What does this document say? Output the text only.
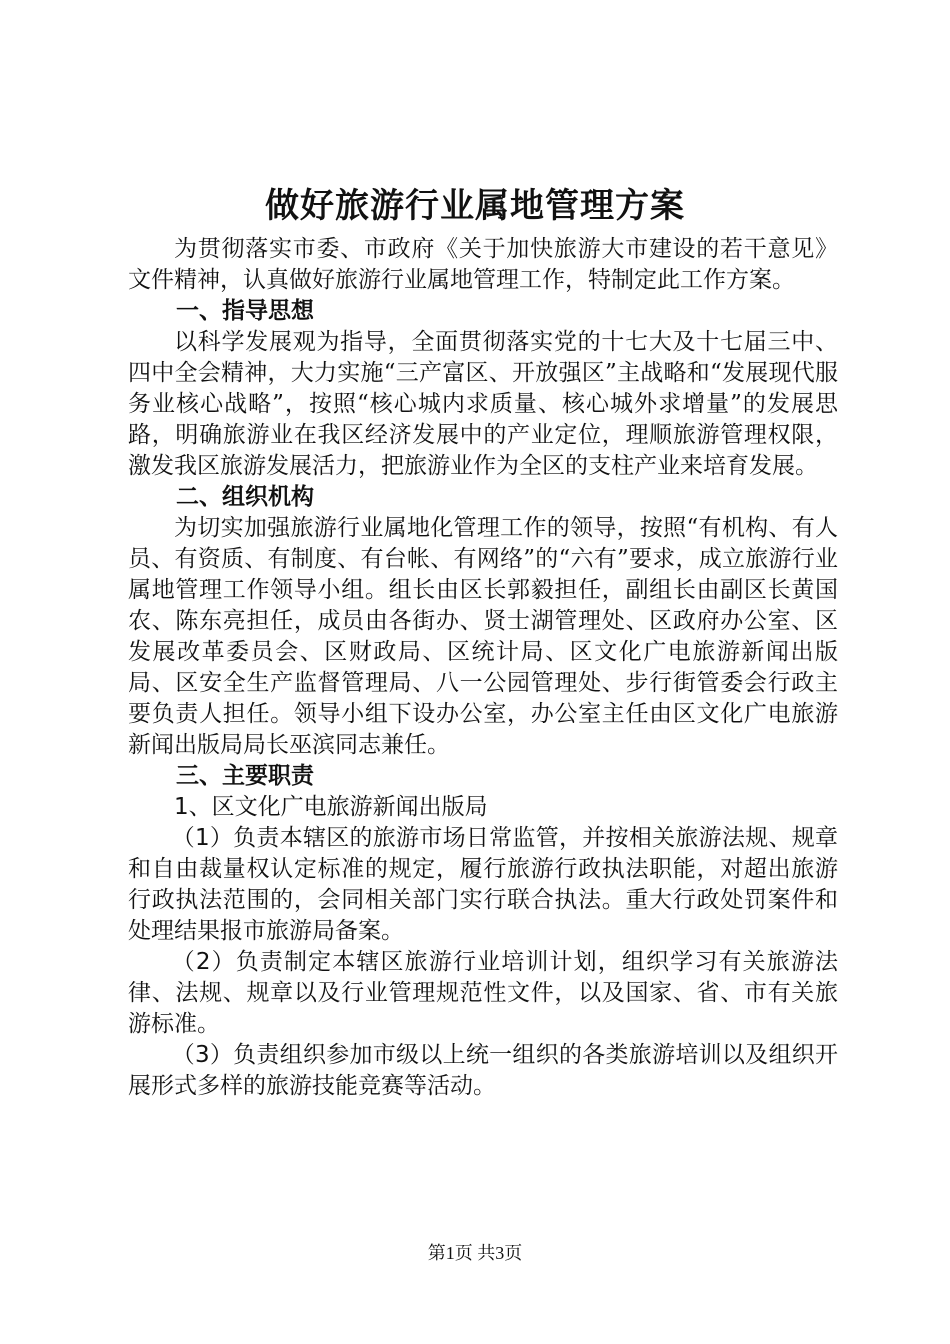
做好旅游行业属地管理方案

为贯彻落实市委、市政府《关于加快旅游大市建设的若干意见》文件精神，认真做好旅游行业属地管理工作，特制定此工作方案。

一、指导思想

以科学发展观为指导，全面贯彻落实党的十七大及十七届三中、四中全会精神，大力实施“三产富区、开放强区”主战略和“发展现代服务业核心战略”，按照“核心城内求质量、核心城外求增量”的发展思路，明确旅游业在我区经济发展中的产业定位，理顺旅游管理权限，激发我区旅游发展活力，把旅游业作为全区的支柱产业来培育发展。

二、组织机构

为切实加强旅游行业属地化管理工作的领导，按照“有机构、有人员、有资质、有制度、有台帐、有网络”的“六有”要求，成立旅游行业属地管理工作领导小组。组长由区长郭毅担任，副组长由副区长黄国农、陈东亮担任，成员由各街办、贤士湖管理处、区政府办公室、区发展改革委员会、区财政局、区统计局、区文化广电旅游新闻出版局、区安全生产监督管理局、八一公园管理处、步行街管委会行政主要负责人担任。领导小组下设办公室，办公室主任由区文化广电旅游新闻出版局局长巫滨同志兼任。

三、主要职责

1、区文化广电旅游新闻出版局

（1）负责本辖区的旅游市场日常监管，并按相关旅游法规、规章和自由裁量权认定标准的规定，履行旅游行政执法职能，对超出旅游行政执法范围的，会同相关部门实行联合执法。重大行政处罚案件和处理结果报市旅游局备案。

（2）负责制定本辖区旅游行业培训计划，组织学习有关旅游法律、法规、规章以及行业管理规范性文件，以及国家、省、市有关旅游标准。

（3）负责组织参加市级以上统一组织的各类旅游培训以及组织开展形式多样的旅游技能竞赛等活动。

第1页 共3页
